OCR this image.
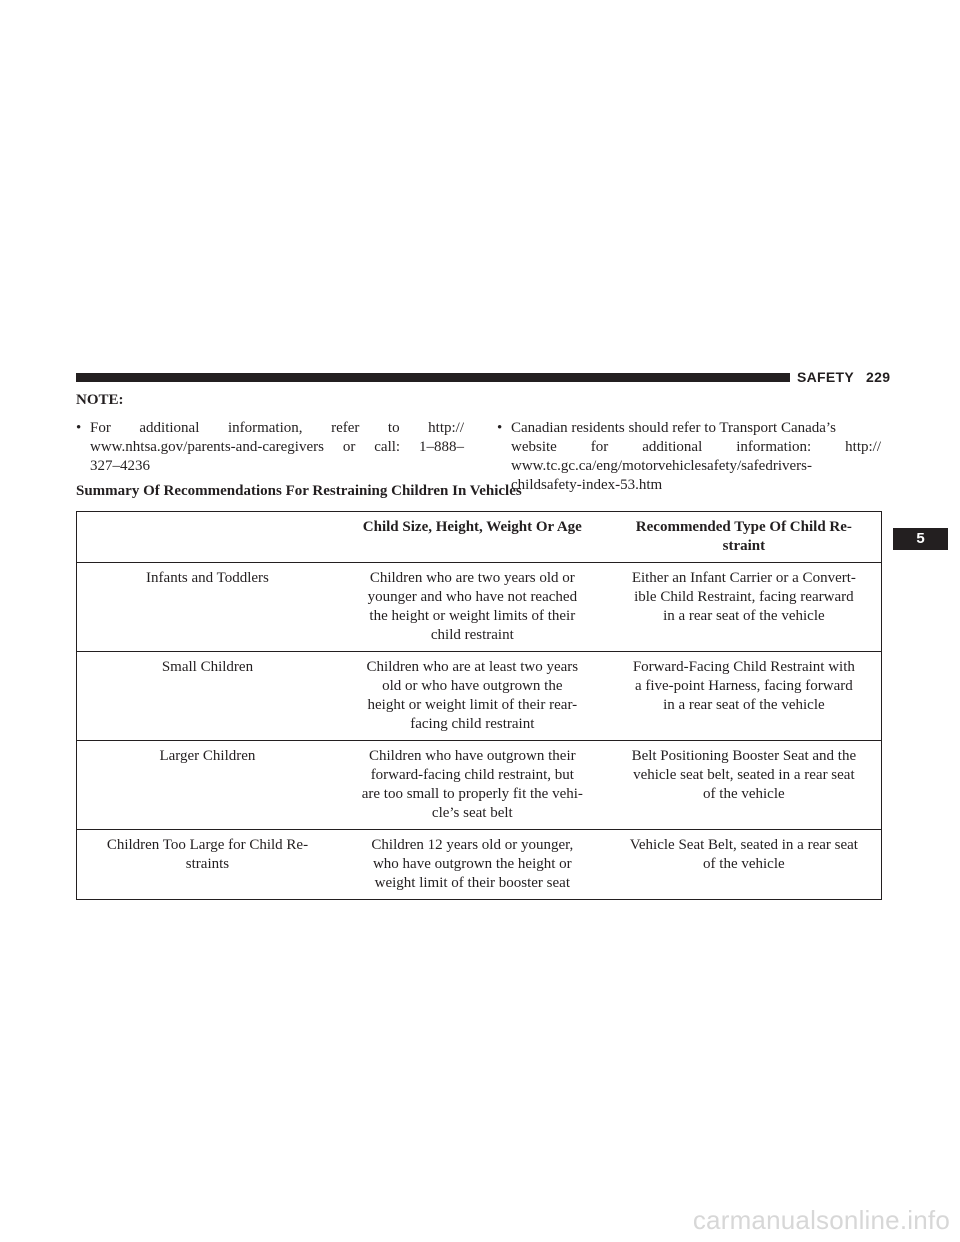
SAFETY 229
NOTE:
• For additional information, refer to http://
www.nhtsa.gov/parents-and-caregivers or call: 1–888–
327–4236
• Canadian residents should refer to Transport Canada’s
website for additional information: http://
www.tc.gc.ca/eng/motorvehiclesafety/safedrivers-
childsafety-index-53.htm
Summary Of Recommendations For Restraining Children In Vehicles

	Child Size, Height, Weight Or Age	Recommended Type Of Child Re-
straint

Infants and Toddlers	Children who are two years old or
younger and who have not reached
the height or weight limits of their
child restraint	Either an Infant Carrier or a Convert-
ible Child Restraint, facing rearward
in a rear seat of the vehicle

Small Children	Children who are at least two years
old or who have outgrown the
height or weight limit of their rear-
facing child restraint	Forward-Facing Child Restraint with
a five-point Harness, facing forward
in a rear seat of the vehicle

Larger Children	Children who have outgrown their
forward-facing child restraint, but
are too small to properly fit the vehi-
cle’s seat belt	Belt Positioning Booster Seat and the
vehicle seat belt, seated in a rear seat
of the vehicle

Children Too Large for Child Re-
straints	Children 12 years old or younger,
who have outgrown the height or
weight limit of their booster seat	Vehicle Seat Belt, seated in a rear seat
of the vehicle
5
carmanualsonline.info
